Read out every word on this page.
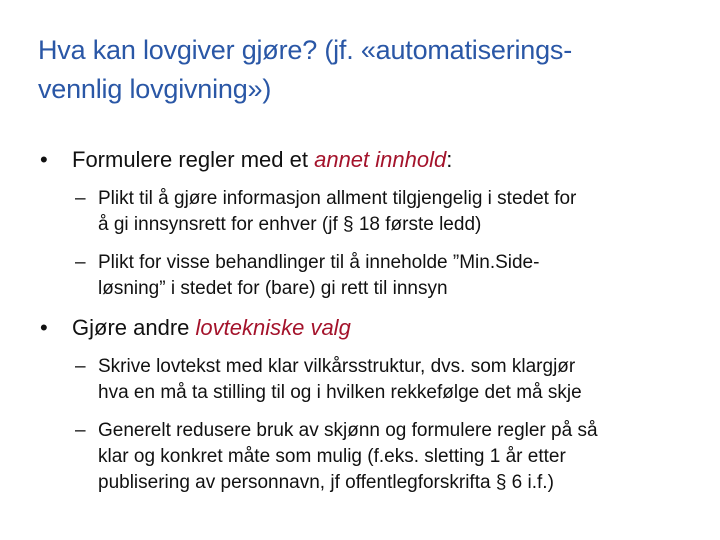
Hva kan lovgiver gjøre? (jf. «automatiserings-
vennlig lovgivning»)
• Formulere regler med et annet innhold:
– Plikt til å gjøre informasjon allment tilgjengelig i stedet for
å gi innsynsrett for enhver (jf § 18 første ledd)
– Plikt for visse behandlinger til å inneholde ”Min.Side-
løsning” i stedet for (bare) gi rett til innsyn
• Gjøre andre lovtekniske valg
– Skrive lovtekst med klar vilkårsstruktur, dvs. som klargjør
hva en må ta stilling til og i hvilken rekkefølge det må skje
– Generelt redusere bruk av skjønn og formulere regler på så
klar og konkret måte som mulig (f.eks. sletting 1 år etter
publisering av personnavn, jf offentlegforskrifta § 6 i.f.)
